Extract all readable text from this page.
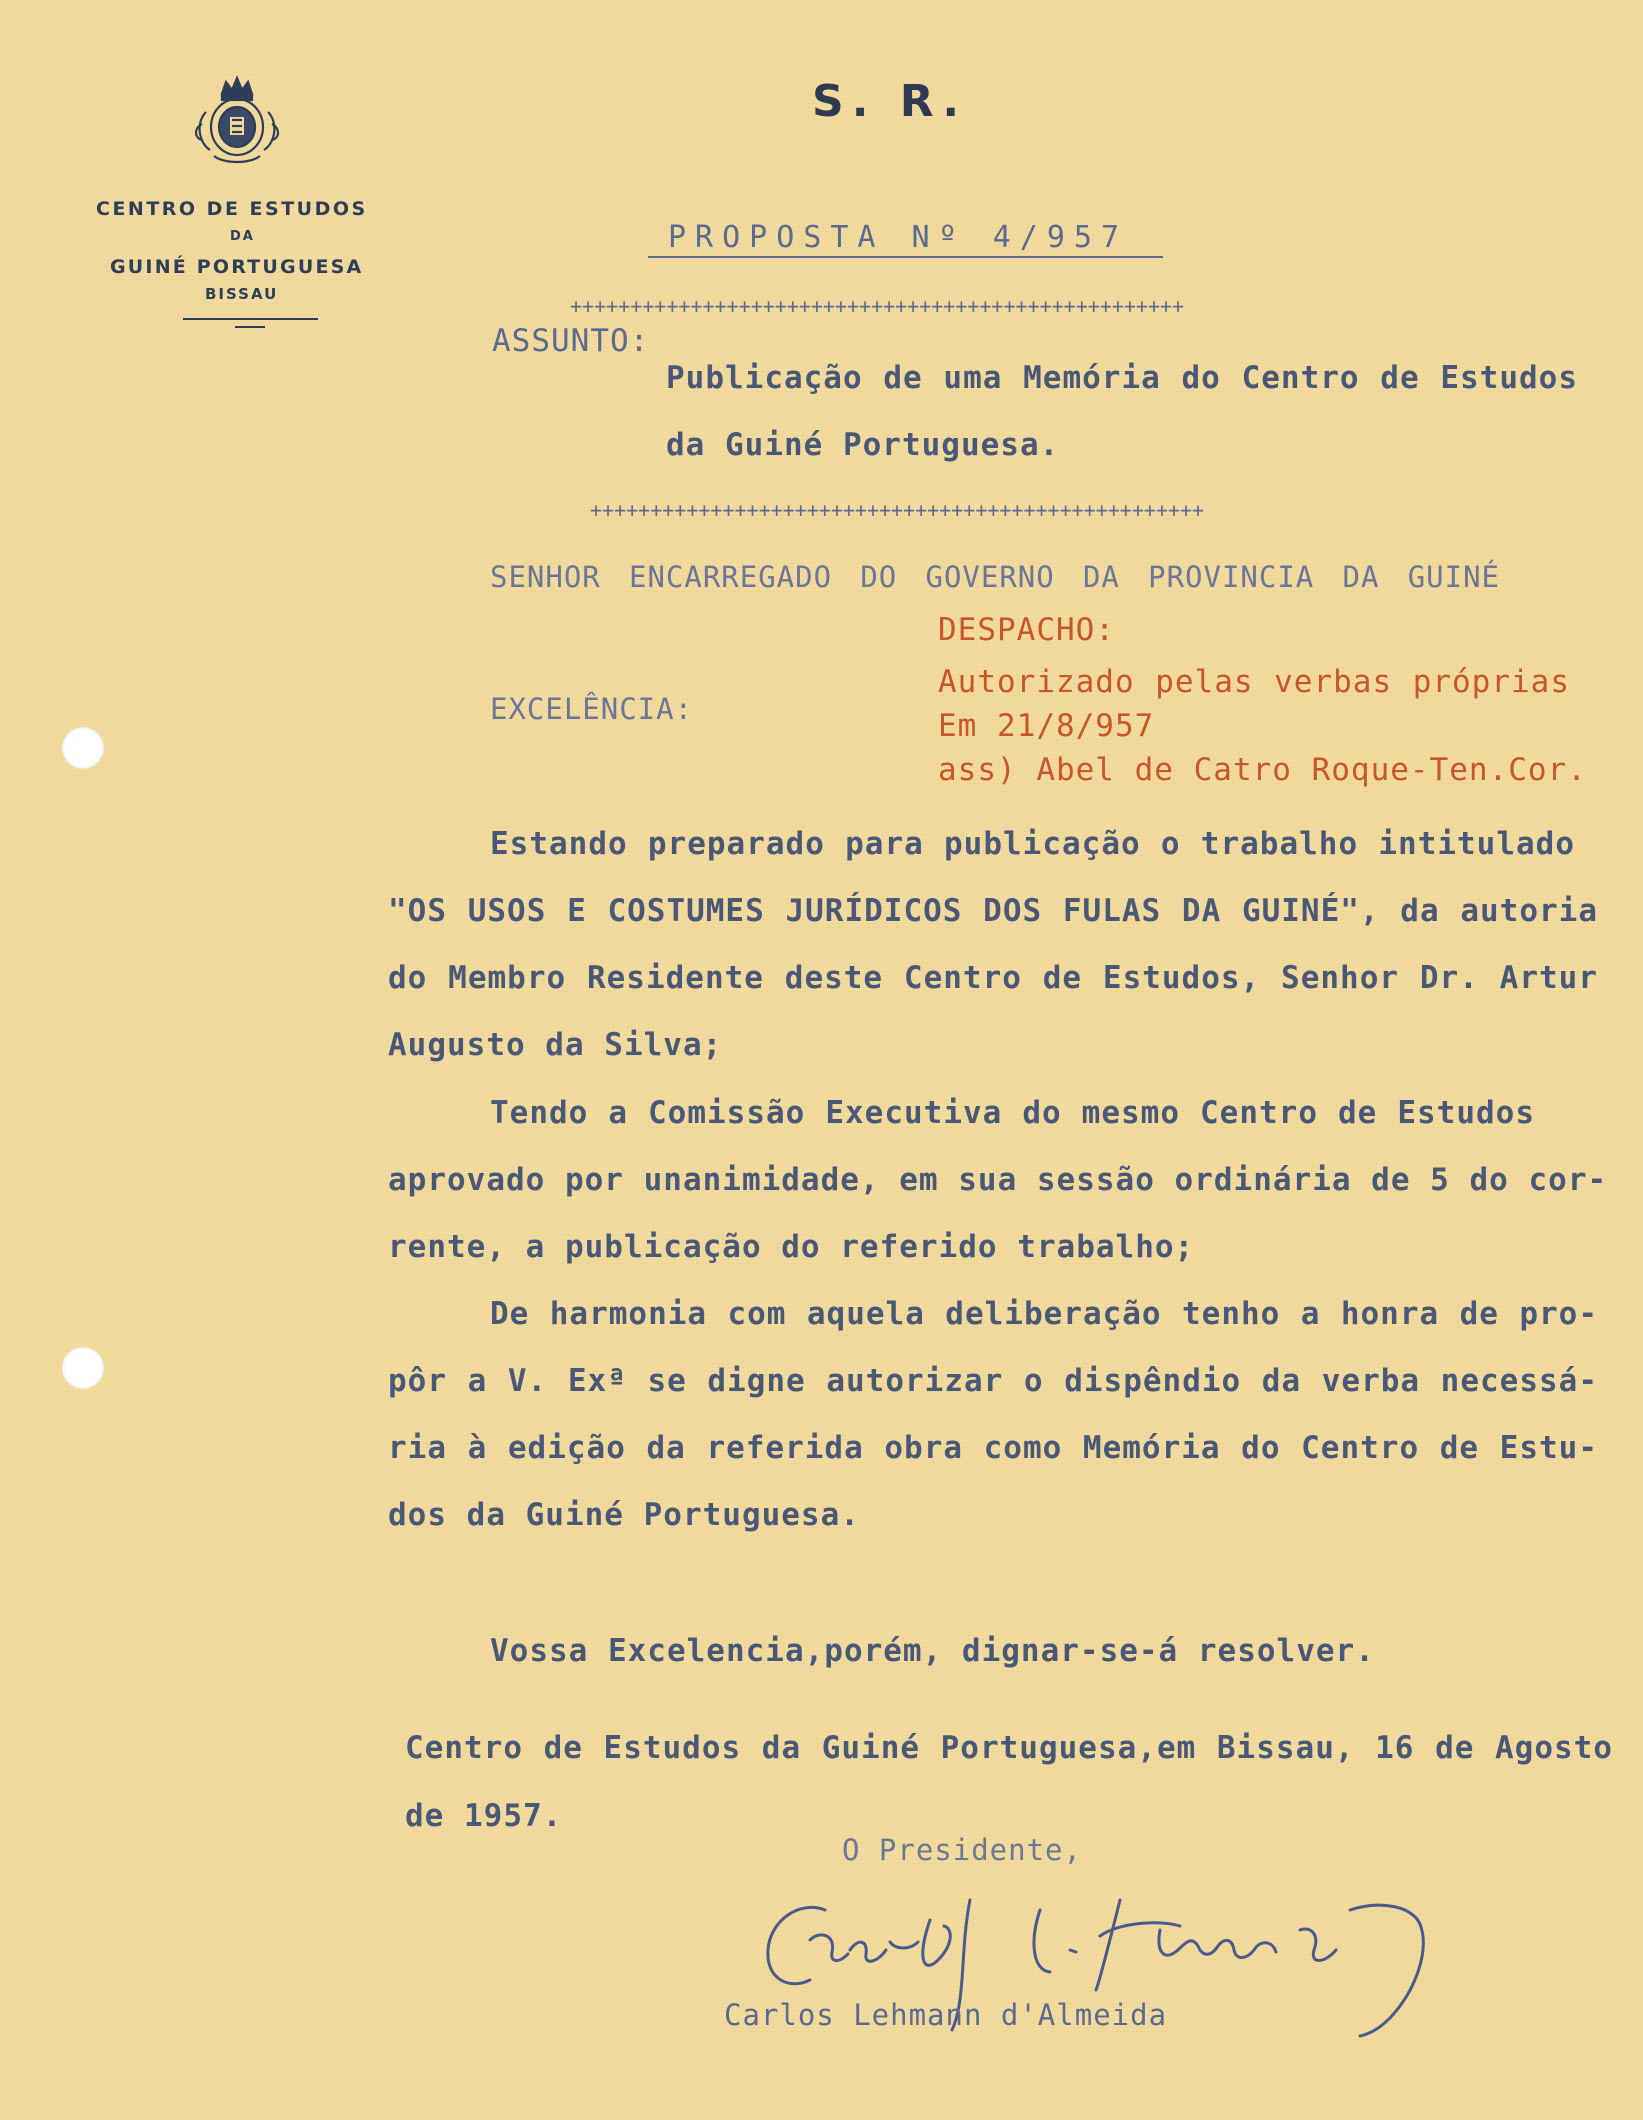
CENTRO DE ESTUDOS
DA
GUINÉ PORTUGUESA
BISSAU
S. R.
PROPOSTA Nº 4/957
+++++++++++++++++++++++++++++++++++++++++++++++++++
ASSUNTO:
Publicação de uma Memória do Centro de Estudos
da Guiné Portuguesa.
+++++++++++++++++++++++++++++++++++++++++++++++++++
SENHOR ENCARREGADO DO GOVERNO DA PROVINCIA DA GUINÉ
DESPACHO:
Autorizado pelas verbas próprias
Em 21/8/957
ass) Abel de Catro Roque-Ten.Cor.
EXCELÊNCIA:
Estando preparado para publicação o trabalho intitulado
"OS USOS E COSTUMES JURÍDICOS DOS FULAS DA GUINÉ", da autoria
do Membro Residente deste Centro de Estudos, Senhor Dr. Artur
Augusto da Silva;
Tendo a Comissão Executiva do mesmo Centro de Estudos
aprovado por unanimidade, em sua sessão ordinária de 5 do cor-
rente, a publicação do referido trabalho;
De harmonia com aquela deliberação tenho a honra de pro-
pôr a V. Exª se digne autorizar o dispêndio da verba necessá-
ria à edição da referida obra como Memória do Centro de Estu-
dos da Guiné Portuguesa.
Vossa Excelencia,porém, dignar-se-á resolver.
Centro de Estudos da Guiné Portuguesa,em Bissau, 16 de Agosto
de 1957.
O Presidente,
Carlos Lehmann d'Almeida
